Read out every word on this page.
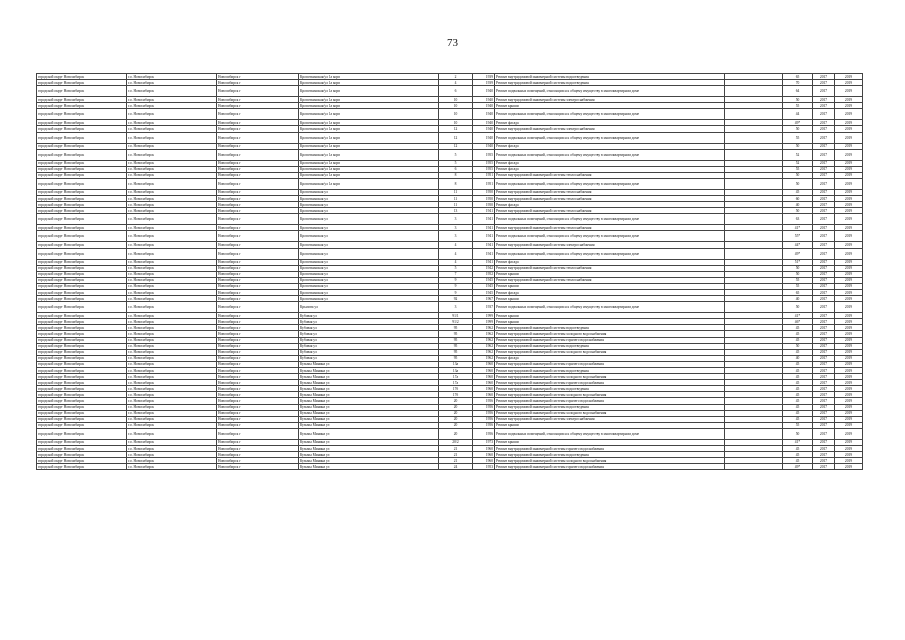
73
городской округ Новосибирск	г.о. Новосибирск	Новосибирск г	Кропоткинская/ул 1а корп	2	1939	Ремонт внутридомовой инженерной системы водоотведения		65	2017	2019
городской округ Новосибирск	г.о. Новосибирск	Новосибирск г	Кропоткинская/ул 1а корп	4	1939	Ремонт внутридомовой инженерной системы водоотведения		70	2017	2019
городской округ Новосибирск	г.о. Новосибирск	Новосибирск г	Кропоткинская/ул 1а корп	6	1940	Ремонт подвальных помещений, относящихся к общему имуществу в многоквартирном доме		64	2017	2019
городской округ Новосибирск	г.о. Новосибирск	Новосибирск г	Кропоткинская/ул 1а корп	10	1940	Ремонт внутридомовой инженерной системы электроснабжения		50	2017	2019
городской округ Новосибирск	г.о. Новосибирск	Новосибирск г	Кропоткинская/ул 1а корп	10	1940	Ремонт крыши		55	2017	2019
городской округ Новосибирск	г.о. Новосибирск	Новосибирск г	Кропоткинская/ул 1а корп	10	1940	Ремонт подвальных помещений, относящихся к общему имуществу в многоквартирном доме		44	2017	2019
городской округ Новосибирск	г.о. Новосибирск	Новосибирск г	Кропоткинская/ул 1а корп	10	1940	Ремонт фасада		49*	2017	2019
городской округ Новосибирск	г.о. Новосибирск	Новосибирск г	Кропоткинская/ул 1а корп	12	1940	Ремонт внутридомовой инженерной системы электроснабжения		50	2017	2019
городской округ Новосибирск	г.о. Новосибирск	Новосибирск г	Кропоткинская/ул 1а корп	12	1940	Ремонт подвальных помещений, относящихся к общему имуществу в многоквартирном доме		55	2017	2019
городской округ Новосибирск	г.о. Новосибирск	Новосибирск г	Кропоткинская/ул 1а корп	12	1940	Ремонт фасада		50	2017	2019
городской округ Новосибирск	г.о. Новосибирск	Новосибирск г	Кропоткинская/ул 1а корп	5	1955	Ремонт подвальных помещений, относящихся к общему имуществу в многоквартирном доме		52	2017	2019
городской округ Новосибирск	г.о. Новосибирск	Новосибирск г	Кропоткинская/ул 1а корп	5	1955	Ремонт фасада		52	2017	2019
городской округ Новосибирск	г.о. Новосибирск	Новосибирск г	Кропоткинская/ул 1а корп	6	1955	Ремонт фасада		55	2017	2019
городской округ Новосибирск	г.о. Новосибирск	Новосибирск г	Кропоткинская/ул 1а корп	8	1951	Ремонт внутридомовой инженерной системы теплоснабжения		50	2017	2019
городской округ Новосибирск	г.о. Новосибирск	Новосибирск г	Кропоткинская/ул 1а корп	8	1951	Ремонт подвальных помещений, относящихся к общему имуществу в многоквартирном доме		50	2017	2019
городской округ Новосибирск	г.о. Новосибирск	Новосибирск г	Кропоткинская ул	11	1950	Ремонт внутридомовой инженерной системы теплоснабжения		45	2017	2019
городской округ Новосибирск	г.о. Новосибирск	Новосибирск г	Кропоткинская ул	11	1950	Ремонт внутридомовой инженерной системы теплоснабжения		60	2017	2019
городской округ Новосибирск	г.о. Новосибирск	Новосибирск г	Кропоткинская ул	11	1950	Ремонт фасада		40	2017	2019
городской округ Новосибирск	г.о. Новосибирск	Новосибирск г	Кропоткинская ул	13	1941	Ремонт внутридомовой инженерной системы теплоснабжения		50	2017	2019
городской округ Новосибирск	г.о. Новосибирск	Новосибирск г	Кропоткинская ул	3	1941	Ремонт подвальных помещений, относящихся к общему имуществу в многоквартирном доме		63	2017	2019
городской округ Новосибирск	г.о. Новосибирск	Новосибирск г	Кропоткинская ул	3	1941	Ремонт внутридомовой инженерной системы теплоснабжения		41*	2017	2019
городской округ Новосибирск	г.о. Новосибирск	Новосибирск г	Кропоткинская ул	3	1941	Ремонт подвальных помещений, относящихся к общему имуществу в многоквартирном доме		55*	2017	2019
городской округ Новосибирск	г.о. Новосибирск	Новосибирск г	Кропоткинская ул	4	1941	Ремонт внутридомовой инженерной системы электроснабжения		44*	2017	2019
городской округ Новосибирск	г.о. Новосибирск	Новосибирск г	Кропоткинская ул	4	1941	Ремонт подвальных помещений, относящихся к общему имуществу в многоквартирном доме		49*	2017	2019
городской округ Новосибирск	г.о. Новосибирск	Новосибирск г	Кропоткинская ул	4	1941	Ремонт фасада		51*	2017	2019
городской округ Новосибирск	г.о. Новосибирск	Новосибирск г	Кропоткинская ул	5	1942	Ремонт внутридомовой инженерной системы теплоснабжения		50	2017	2019
городской округ Новосибирск	г.о. Новосибирск	Новосибирск г	Кропоткинская ул	7	1952	Ремонт крыши		50	2017	2019
городской округ Новосибирск	г.о. Новосибирск	Новосибирск г	Кропоткинская ул	9	1945	Ремонт внутридомовой инженерной системы теплоснабжения		55	2017	2019
городской округ Новосибирск	г.о. Новосибирск	Новосибирск г	Кропоткинская ул	9	1945	Ремонт крыши		55	2017	2019
городской округ Новосибирск	г.о. Новосибирск	Новосибирск г	Кропоткинская ул	9	1945	Ремонт фасада		65	2017	2019
городской округ Новосибирск	г.о. Новосибирск	Новосибирск г	Кропоткинская ул	92	1967	Ремонт крыши		40	2017	2019
городской округ Новосибирск	г.о. Новосибирск	Новосибирск г	Крылова ул	3	1937	Ремонт подвальных помещений, относящихся к общему имуществу в многоквартирном доме		50	2017	2019
городской округ Новосибирск	г.о. Новосибирск	Новосибирск г	Кубовая ул	91/1	1999	Ремонт крыши		41*	2017	2019
городской округ Новосибирск	г.о. Новосибирск	Новосибирск г	Кубовая ул	91/2	1999	Ремонт крыши		46*	2017	2019
городской округ Новосибирск	г.о. Новосибирск	Новосибирск г	Кубовая ул	95	1962	Ремонт внутридомовой инженерной системы водоотведения		45	2017	2019
городской округ Новосибирск	г.о. Новосибирск	Новосибирск г	Кубовая ул	95	1962	Ремонт внутридомовой инженерной системы холодного водоснабжения		45	2017	2019
городской округ Новосибирск	г.о. Новосибирск	Новосибирск г	Кубовая ул	95	1962	Ремонт внутридомовой инженерной системы горячего водоснабжения		45	2017	2019
городской округ Новосибирск	г.о. Новосибирск	Новосибирск г	Кубовая ул	95	1962	Ремонт внутридомовой инженерной системы водоотведения		50	2017	2019
городской округ Новосибирск	г.о. Новосибирск	Новосибирск г	Кубовая ул	95	1962	Ремонт внутридомовой инженерной системы холодного водоснабжения		45	2017	2019
городской округ Новосибирск	г.о. Новосибирск	Новосибирск г	Кубовая ул	95	1962	Ремонт фасада		40	2017	2019
городской округ Новосибирск	г.о. Новосибирск	Новосибирск г	Кузьмы Минина ул	13а	1960	Ремонт внутридомовой инженерной системы горячего водоснабжения		45	2017	2019
городской округ Новосибирск	г.о. Новосибирск	Новосибирск г	Кузьмы Минина ул	13а	1960	Ремонт внутридомовой инженерной системы водоотведения		45	2017	2019
городской округ Новосибирск	г.о. Новосибирск	Новосибирск г	Кузьмы Минина ул	17а	1960	Ремонт внутридомовой инженерной системы холодного водоснабжения		45	2017	2019
городской округ Новосибирск	г.о. Новосибирск	Новосибирск г	Кузьмы Минина ул	17а	1960	Ремонт внутридомовой инженерной системы горячего водоснабжения		45	2017	2019
городской округ Новосибирск	г.о. Новосибирск	Новосибирск г	Кузьмы Минина ул	17б	1960	Ремонт внутридомовой инженерной системы водоотведения		45	2017	2019
городской округ Новосибирск	г.о. Новосибирск	Новосибирск г	Кузьмы Минина ул	17б	1960	Ремонт внутридомовой инженерной системы холодного водоснабжения		45	2017	2019
городской округ Новосибирск	г.о. Новосибирск	Новосибирск г	Кузьмы Минина ул	20	1956	Ремонт внутридомовой инженерной системы горячего водоснабжения		45	2017	2019
городской округ Новосибирск	г.о. Новосибирск	Новосибирск г	Кузьмы Минина ул	20	1956	Ремонт внутридомовой инженерной системы водоотведения		45	2017	2019
городской округ Новосибирск	г.о. Новосибирск	Новосибирск г	Кузьмы Минина ул	20	1956	Ремонт внутридомовой инженерной системы холодного водоснабжения		45	2017	2019
городской округ Новосибирск	г.о. Новосибирск	Новосибирск г	Кузьмы Минина ул	20	1956	Ремонт внутридомовой инженерной системы электроснабжения		45	2017	2019
городской округ Новосибирск	г.о. Новосибирск	Новосибирск г	Кузьмы Минина ул	20	1956	Ремонт крыши		55	2017	2019
городской округ Новосибирск	г.о. Новосибирск	Новосибирск г	Кузьмы Минина ул	20	1956	Ремонт подвальных помещений, относящихся к общему имуществу в многоквартирном доме		50	2017	2019
городской округ Новосибирск	г.о. Новосибирск	Новосибирск г	Кузьмы Минина ул	20/2	1973	Ремонт крыши		41*	2017	2019
городской округ Новосибирск	г.о. Новосибирск	Новосибирск г	Кузьмы Минина ул	21	1960	Ремонт внутридомовой инженерной системы горячего водоснабжения		45	2017	2019
городской округ Новосибирск	г.о. Новосибирск	Новосибирск г	Кузьмы Минина ул	21	1960	Ремонт внутридомовой инженерной системы водоотведения		45	2017	2019
городской округ Новосибирск	г.о. Новосибирск	Новосибирск г	Кузьмы Минина ул	21	1960	Ремонт внутридомовой инженерной системы холодного водоснабжения		45	2017	2019
городской округ Новосибирск	г.о. Новосибирск	Новосибирск г	Кузьмы Минина ул	24	1953	Ремонт внутридомовой инженерной системы горячего водоснабжения		49*	2017	2019
